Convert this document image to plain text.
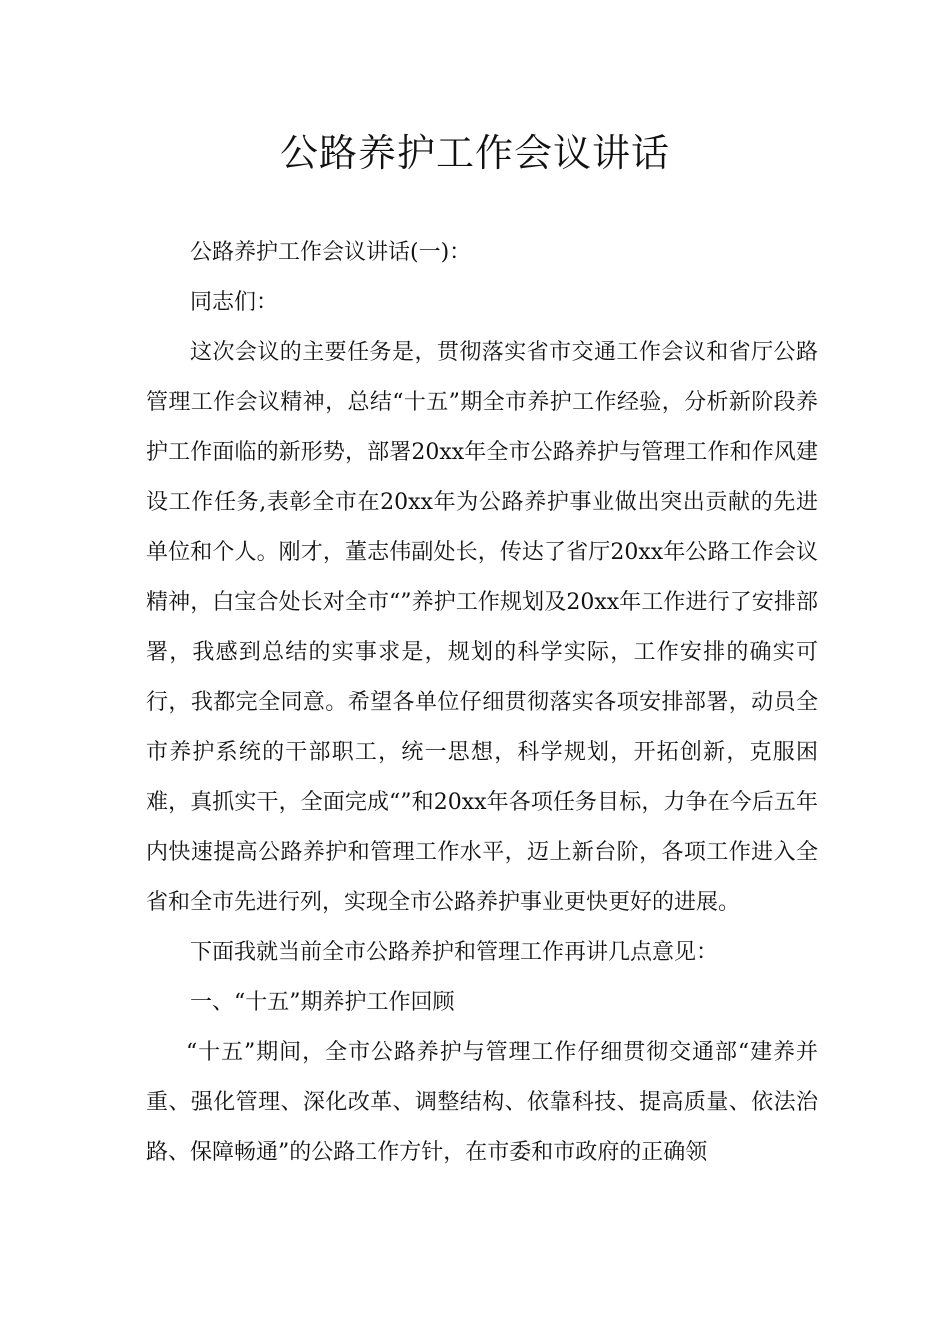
公路养护工作会议讲话

公路养护工作会议讲话(一)：

同志们：

这次会议的主要任务是，贯彻落实省市交通工作会议和省厅公路管理工作会议精神，总结“十五”期全市养护工作经验，分析新阶段养护工作面临的新形势，部署20xx年全市公路养护与管理工作和作风建设工作任务,表彰全市在20xx年为公路养护事业做出突出贡献的先进单位和个人。刚才，董志伟副处长，传达了省厅20xx年公路工作会议精神，白宝合处长对全市“”养护工作规划及20xx年工作进行了安排部署，我感到总结的实事求是，规划的科学实际，工作安排的确实可行，我都完全同意。希望各单位仔细贯彻落实各项安排部署，动员全市养护系统的干部职工，统一思想，科学规划，开拓创新，克服困难，真抓实干，全面完成“”和20xx年各项任务目标，力争在今后五年内快速提高公路养护和管理工作水平，迈上新台阶，各项工作进入全省和全市先进行列，实现全市公路养护事业更快更好的进展。

下面我就当前全市公路养护和管理工作再讲几点意见：

一、“十五”期养护工作回顾

“十五”期间，全市公路养护与管理工作仔细贯彻交通部“建养并重、强化管理、深化改革、调整结构、依靠科技、提高质量、依法治路、保障畅通”的公路工作方针，在市委和市政府的正确领
